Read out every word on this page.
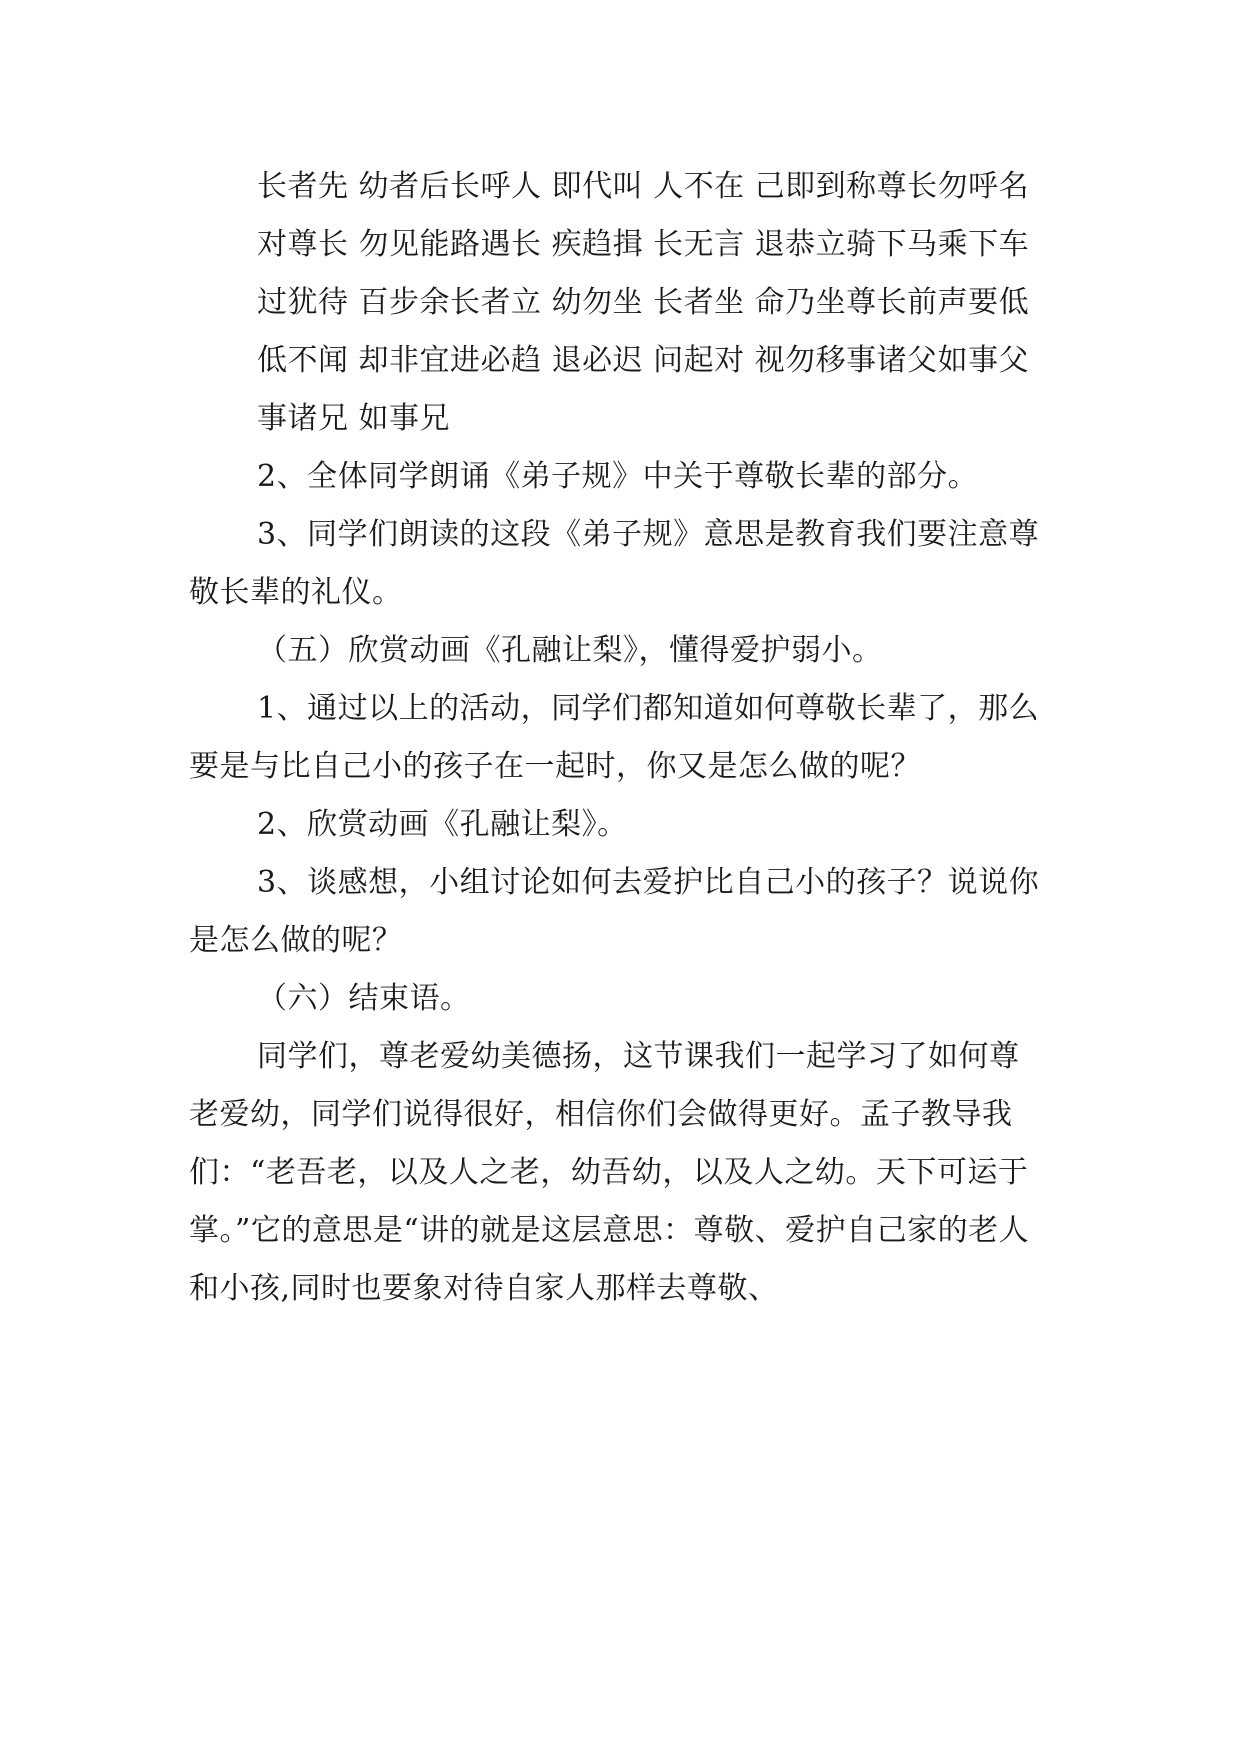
长者先 幼者后长呼人 即代叫 人不在 己即到称尊长勿呼名

对尊长 勿见能路遇长 疾趋揖 长无言 退恭立骑下马乘下车

过犹待 百步余长者立 幼勿坐 长者坐 命乃坐尊长前声要低

低不闻 却非宜进必趋 退必迟 问起对 视勿移事诸父如事父

事诸兄 如事兄

2、全体同学朗诵《弟子规》中关于尊敬长辈的部分。

3、同学们朗读的这段《弟子规》意思是教育我们要注意尊敬长辈的礼仪。

（五）欣赏动画《孔融让梨》，懂得爱护弱小。

1、通过以上的活动，同学们都知道如何尊敬长辈了，那么要是与比自己小的孩子在一起时，你又是怎么做的呢？

2、欣赏动画《孔融让梨》。

3、谈感想，小组讨论如何去爱护比自己小的孩子？说说你是怎么做的呢？

（六）结束语。

同学们，尊老爱幼美德扬，这节课我们一起学习了如何尊老爱幼，同学们说得很好，相信你们会做得更好。孟子教导我们：“老吾老，以及人之老，幼吾幼，以及人之幼。天下可运于掌。”它的意思是“讲的就是这层意思：尊敬、爱护自己家的老人和小孩,同时也要象对待自家人那样去尊敬、
